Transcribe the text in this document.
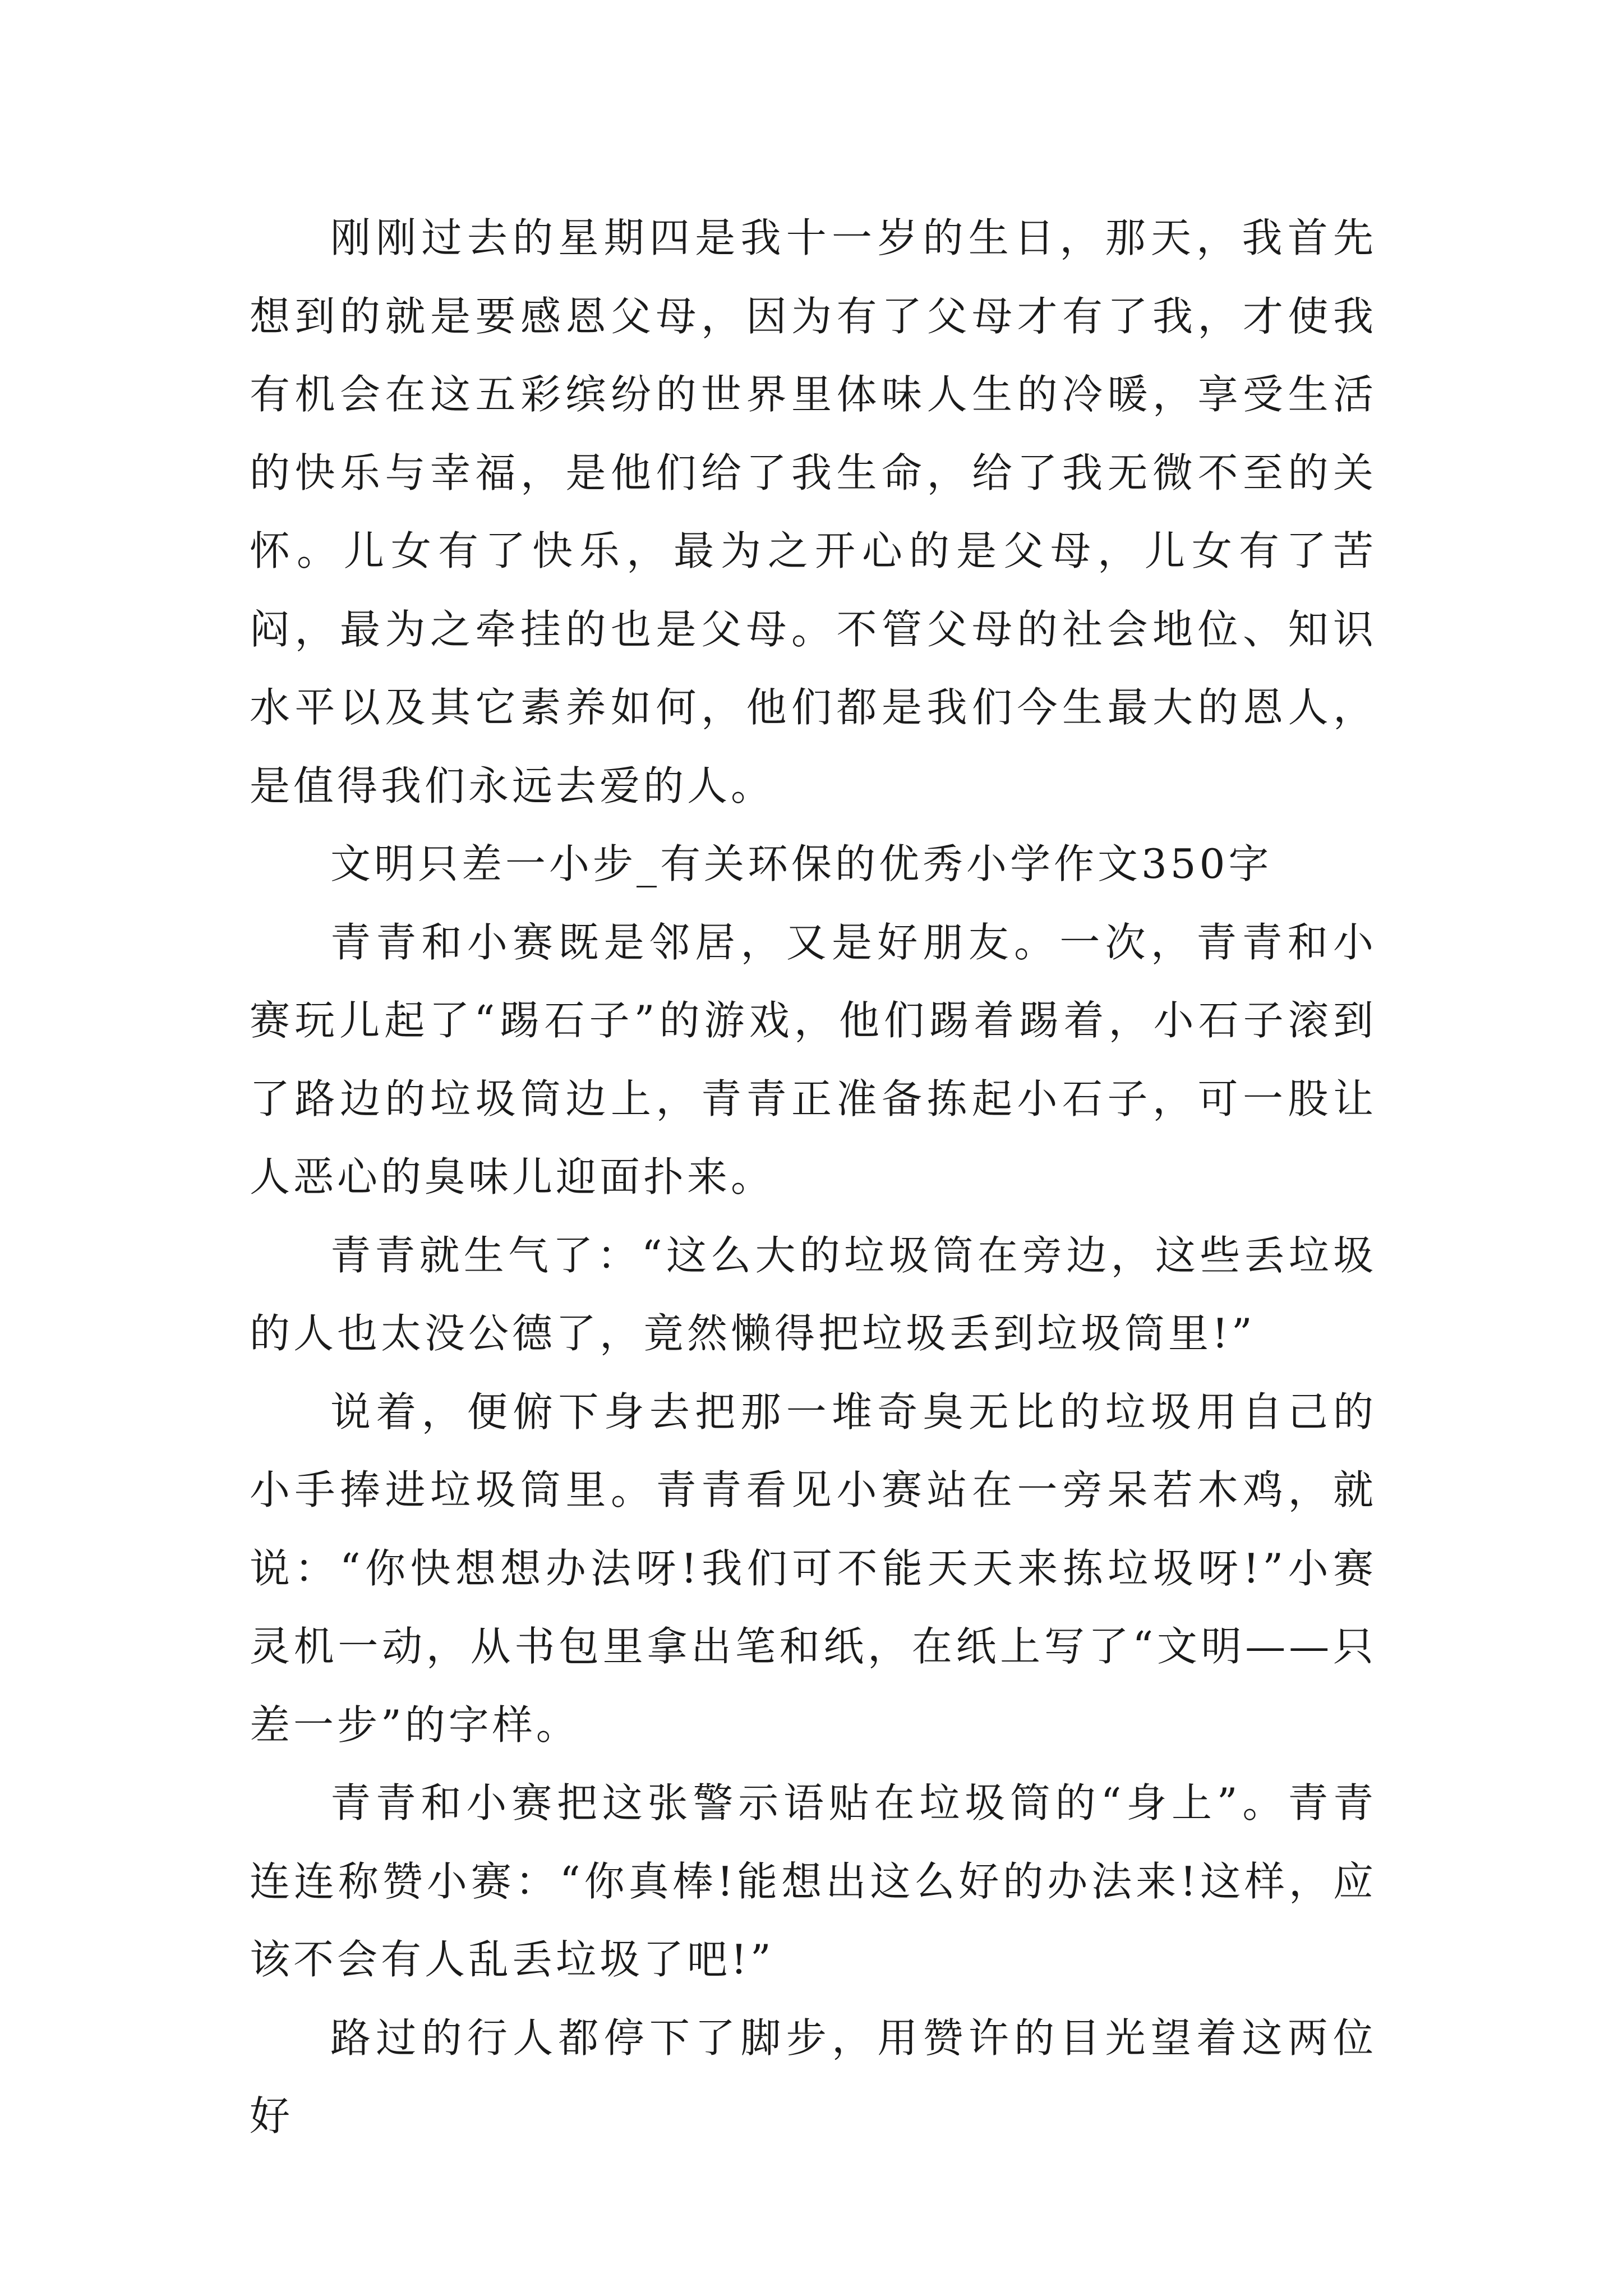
刚刚过去的星期四是我十一岁的生日，那天，我首先想到的就是要感恩父母，因为有了父母才有了我，才使我有机会在这五彩缤纷的世界里体味人生的冷暖，享受生活的快乐与幸福，是他们给了我生命，给了我无微不至的关怀。儿女有了快乐，最为之开心的是父母，儿女有了苦闷，最为之牵挂的也是父母。不管父母的社会地位、知识水平以及其它素养如何，他们都是我们今生最大的恩人，是值得我们永远去爱的人。

文明只差一小步_有关环保的优秀小学作文350字

青青和小赛既是邻居，又是好朋友。一次，青青和小赛玩儿起了“踢石子”的游戏，他们踢着踢着，小石子滚到了路边的垃圾筒边上，青青正准备拣起小石子，可一股让人恶心的臭味儿迎面扑来。

青青就生气了：“这么大的垃圾筒在旁边，这些丢垃圾的人也太没公德了，竟然懒得把垃圾丢到垃圾筒里!”

说着，便俯下身去把那一堆奇臭无比的垃圾用自己的小手捧进垃圾筒里。青青看见小赛站在一旁呆若木鸡，就说：“你快想想办法呀!我们可不能天天来拣垃圾呀!”小赛灵机一动，从书包里拿出笔和纸，在纸上写了“文明——只差一步”的字样。

青青和小赛把这张警示语贴在垃圾筒的“身上”。青青连连称赞小赛：“你真棒!能想出这么好的办法来!这样，应该不会有人乱丢垃圾了吧!”

路过的行人都停下了脚步，用赞许的目光望着这两位好
